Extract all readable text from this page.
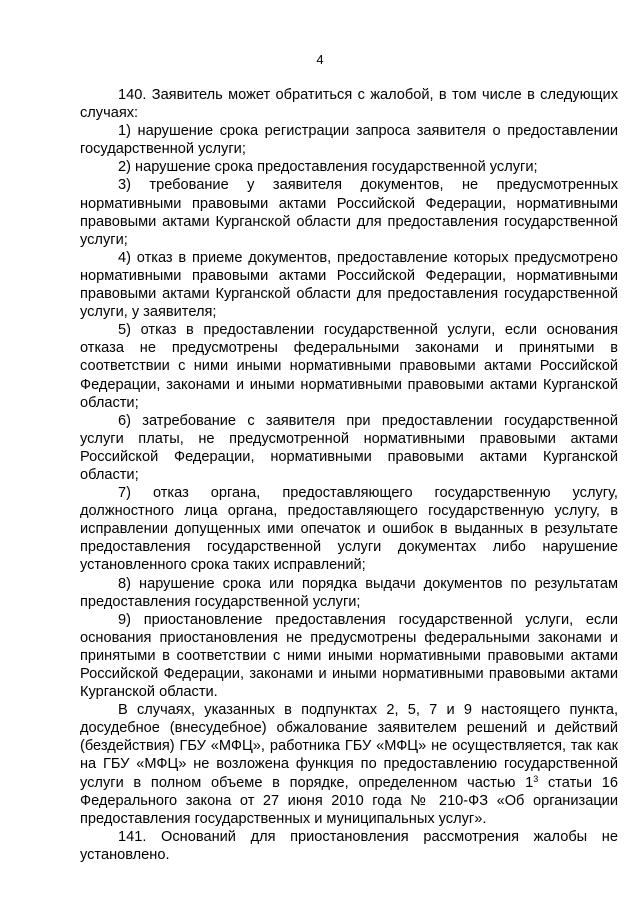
4

140. Заявитель может обратиться с жалобой, в том числе в следующих случаях:

1) нарушение срока регистрации запроса заявителя о предоставлении государственной услуги;

2) нарушение срока предоставления государственной услуги;

3) требование у заявителя документов, не предусмотренных нормативными правовыми актами Российской Федерации, нормативными правовыми актами Курганской области для предоставления государственной услуги;

4) отказ в приеме документов, предоставление которых предусмотрено нормативными правовыми актами Российской Федерации, нормативными правовыми актами Курганской области для предоставления государственной услуги, у заявителя;

5) отказ в предоставлении государственной услуги, если основания отказа не предусмотрены федеральными законами и принятыми в соответствии с ними иными нормативными правовыми актами Российской Федерации, законами и иными нормативными правовыми актами Курганской области;

6) затребование с заявителя при предоставлении государственной услуги платы, не предусмотренной нормативными правовыми актами Российской Федерации, нормативными правовыми актами Курганской области;

7) отказ органа, предоставляющего государственную услугу, должностного лица органа, предоставляющего государственную услугу, в исправлении допущенных ими опечаток и ошибок в выданных в результате предоставления государственной услуги документах либо нарушение установленного срока таких исправлений;

8) нарушение срока или порядка выдачи документов по результатам предоставления государственной услуги;

9) приостановление предоставления государственной услуги, если основания приостановления не предусмотрены федеральными законами и принятыми в соответствии с ними иными нормативными правовыми актами Российской Федерации, законами и иными нормативными правовыми актами Курганской области.

В случаях, указанных в подпунктах 2, 5, 7 и 9 настоящего пункта, досудебное (внесудебное) обжалование заявителем решений и действий (бездействия) ГБУ «МФЦ», работника ГБУ «МФЦ» не осуществляется, так как на ГБУ «МФЦ» не возложена функция по предоставлению государственной услуги в полном объеме в порядке, определенном частью $1^3$ статьи 16 Федерального закона от 27 июня 2010 года № 210-ФЗ «Об организации предоставления государственных и муниципальных услуг».

141. Оснований для приостановления рассмотрения жалобы не установлено.
